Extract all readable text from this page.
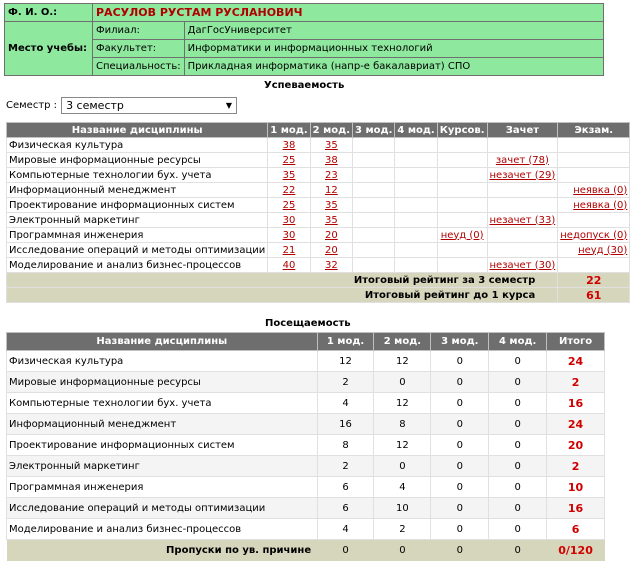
Ф. И. О.:	РАСУЛОВ РУСТАМ РУСЛАНОВИЧ	
Место учебы:	Филиал:	ДагГосУниверситет
	Факультет:	Информатики и информационных технологий
	Специальность:	Прикладная информатика (напр-е бакалавриат) СПО
Успеваемость
Семестр : 3 семестр	▼
Название дисциплины	1 мод.	2 мод.	3 мод.	4 мод.	Курсов.	Зачет	Экзам.
Физическая культура	38	35					
Мировые информационные ресурсы	25	38				зачет (78)	
Компьютерные технологии бух. учета	35	23				незачет (29)	
Информационный менеджмент	22	12					неявка (0)
Проектирование информационных систем	25	35					неявка (0)
Электронный маркетинг	30	35				незачет (33)	
Программная инженерия	30	20			неуд (0)		недопуск (0)
Исследование операций и методы оптимизации	21	20					неуд (30)
Моделирование и анализ бизнес-процессов	40	32				незачет (30)	
Итоговый рейтинг за 3 семестр							22
Итоговый рейтинг до 1 курса							61
Посещаемость
Название дисциплины	1 мод.	2 мод.	3 мод.	4 мод.	Итого
Физическая культура	12	12	0	0	24
Мировые информационные ресурсы	2	0	0	0	2
Компьютерные технологии бух. учета	4	12	0	0	16
Информационный менеджмент	16	8	0	0	24
Проектирование информационных систем	8	12	0	0	20
Электронный маркетинг	2	0	0	0	2
Программная инженерия	6	4	0	0	10
Исследование операций и методы оптимизации	6	10	0	0	16
Моделирование и анализ бизнес-процессов	4	2	0	0	6
Пропуски по ув. причине	0	0	0	0	0/120
